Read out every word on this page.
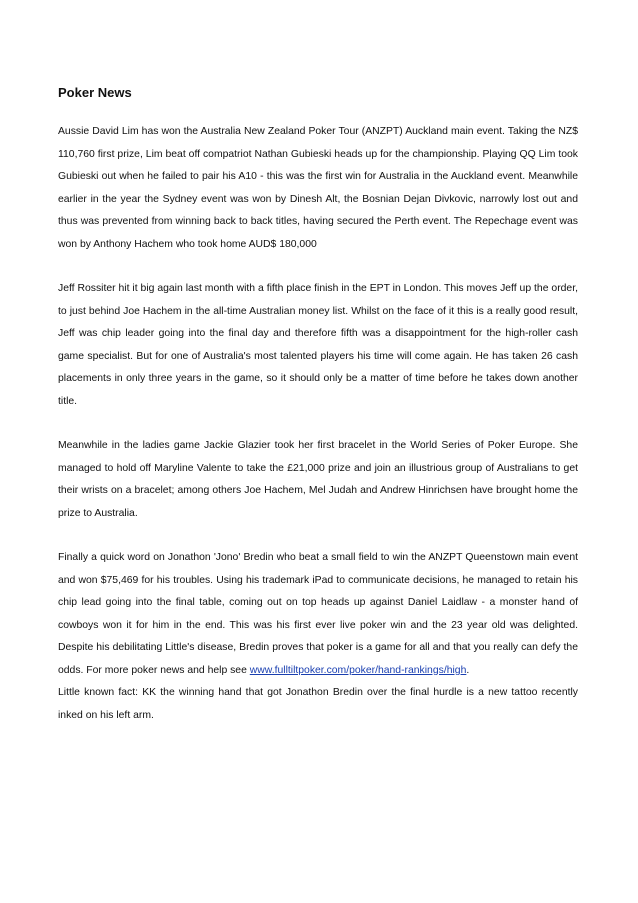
Poker News

Aussie David Lim has won the Australia New Zealand Poker Tour (ANZPT) Auckland main event. Taking the NZ$ 110,760 first prize, Lim beat off compatriot Nathan Gubieski heads up for the championship. Playing QQ Lim took Gubieski out when he failed to pair his A10 - this was the first win for Australia in the Auckland event. Meanwhile earlier in the year the Sydney event was won by Dinesh Alt, the Bosnian Dejan Divkovic, narrowly lost out and thus was prevented from winning back to back titles, having secured the Perth event. The Repechage event was won by Anthony Hachem who took home AUD$ 180,000

Jeff Rossiter hit it big again last month with a fifth place finish in the EPT in London. This moves Jeff up the order, to just behind Joe Hachem in the all-time Australian money list. Whilst on the face of it this is a really good result, Jeff was chip leader going into the final day and therefore fifth was a disappointment for the high-roller cash game specialist. But for one of Australia's most talented players his time will come again. He has taken 26 cash placements in only three years in the game, so it should only be a matter of time before he takes down another title.

Meanwhile in the ladies game Jackie Glazier took her first bracelet in the World Series of Poker Europe. She managed to hold off Maryline Valente to take the £21,000 prize and join an illustrious group of Australians to get their wrists on a bracelet; among others Joe Hachem, Mel Judah and Andrew Hinrichsen have brought home the prize to Australia.

Finally a quick word on Jonathon 'Jono' Bredin who beat a small field to win the ANZPT Queenstown main event and won $75,469 for his troubles. Using his trademark iPad to communicate decisions, he managed to retain his chip lead going into the final table, coming out on top heads up against Daniel Laidlaw - a monster hand of cowboys won it for him in the end. This was his first ever live poker win and the 23 year old was delighted. Despite his debilitating Little's disease, Bredin proves that poker is a game for all and that you really can defy the odds. For more poker news and help see www.fulltiltpoker.com/poker/hand-rankings/high.

Little known fact: KK the winning hand that got Jonathon Bredin over the final hurdle is a new tattoo recently inked on his left arm.
